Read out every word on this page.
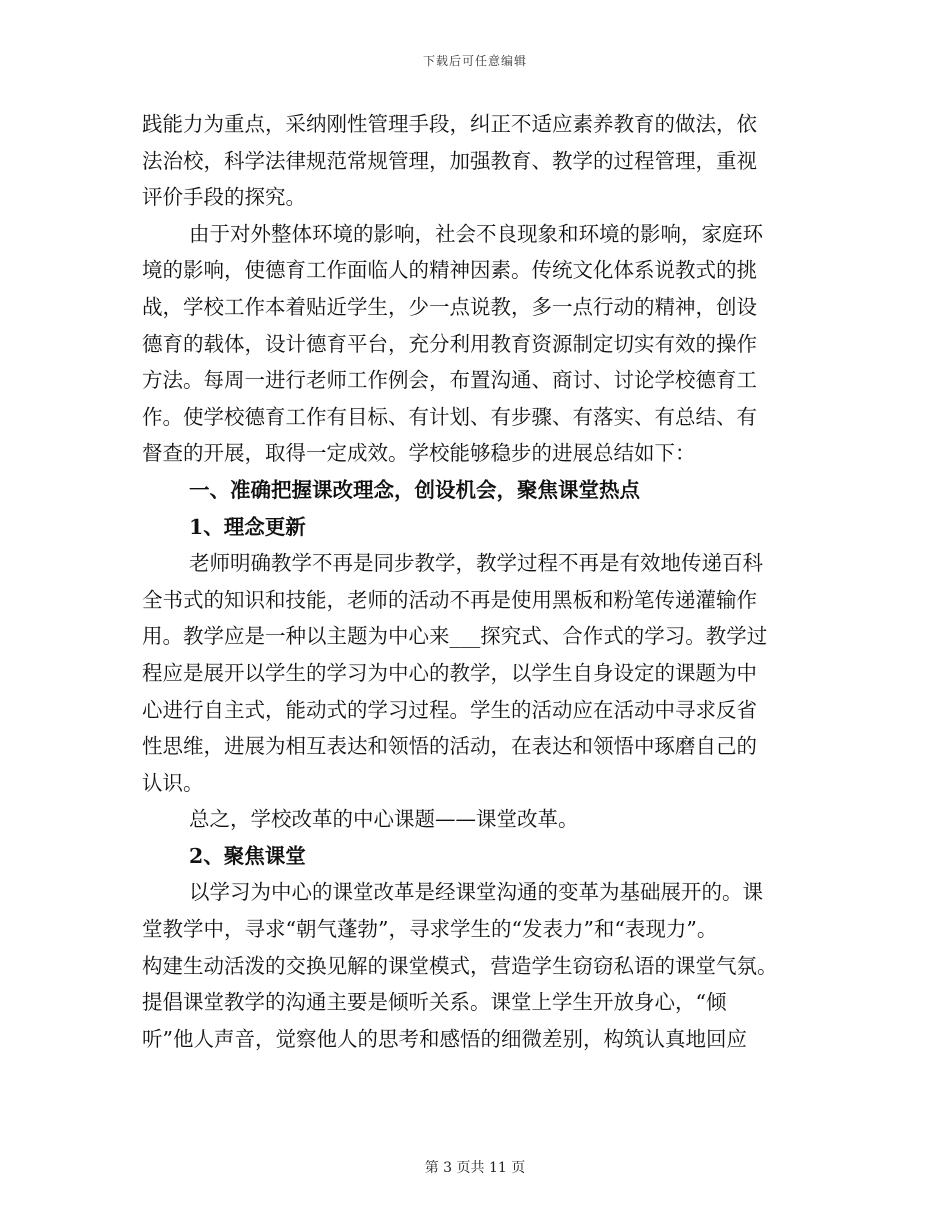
下载后可任意编辑
践能力为重点，采纳刚性管理手段，纠正不适应素养教育的做法，依
法治校，科学法律规范常规管理，加强教育、教学的过程管理，重视
评价手段的探究。
由于对外整体环境的影响，社会不良现象和环境的影响，家庭环
境的影响，使德育工作面临人的精神因素。传统文化体系说教式的挑
战，学校工作本着贴近学生，少一点说教，多一点行动的精神，创设
德育的载体，设计德育平台，充分利用教育资源制定切实有效的操作
方法。每周一进行老师工作例会，布置沟通、商讨、讨论学校德育工
作。使学校德育工作有目标、有计划、有步骤、有落实、有总结、有
督查的开展，取得一定成效。学校能够稳步的进展总结如下：
一、准确把握课改理念，创设机会，聚焦课堂热点
1、理念更新
老师明确教学不再是同步教学，教学过程不再是有效地传递百科
全书式的知识和技能，老师的活动不再是使用黑板和粉笔传递灌输作
用。教学应是一种以主题为中心来___探究式、合作式的学习。教学过
程应是展开以学生的学习为中心的教学，以学生自身设定的课题为中
心进行自主式，能动式的学习过程。学生的活动应在活动中寻求反省
性思维，进展为相互表达和领悟的活动，在表达和领悟中琢磨自己的
认识。
总之，学校改革的中心课题——课堂改革。
2、聚焦课堂
以学习为中心的课堂改革是经课堂沟通的变革为基础展开的。课
堂教学中，寻求“朝气蓬勃”，寻求学生的“发表力”和“表现力”。
构建生动活泼的交换见解的课堂模式，营造学生窃窃私语的课堂气氛。
提倡课堂教学的沟通主要是倾听关系。课堂上学生开放身心，“倾
听”他人声音，觉察他人的思考和感悟的细微差别，构筑认真地回应
第 3 页共 11 页
